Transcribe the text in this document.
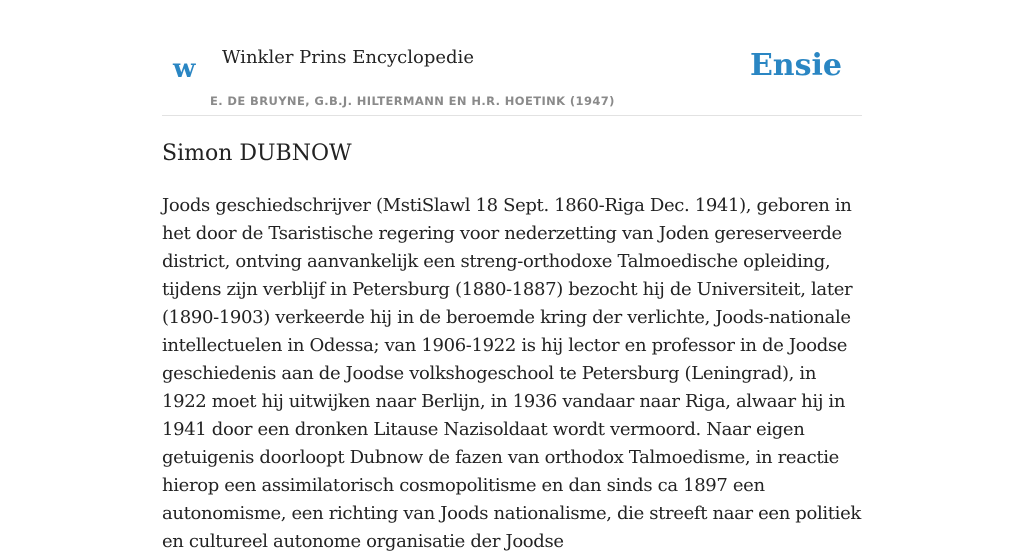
w Winkler Prins Encyclopedie
E. DE BRUYNE, G.B.J. HILTERMANN EN H.R. HOETINK (1947)
Ensie
Simon DUBNOW

Joods geschiedschrijver (MstiSlawl 18 Sept. 1860-Riga Dec. 1941), geboren in het door de Tsaristische regering voor nederzetting van Joden gereserveerde district, ontving aanvankelijk een streng-orthodoxe Talmoedische opleiding, tijdens zijn verblijf in Petersburg (1880-1887) bezocht hij de Universiteit, later (1890-1903) verkeerde hij in de beroemde kring der verlichte, Joods-nationale intellectuelen in Odessa; van 1906-1922 is hij lector en professor in de Joodse geschiedenis aan de Joodse volkshogeschool te Petersburg (Leningrad), in 1922 moet hij uitwijken naar Berlijn, in 1936 vandaar naar Riga, alwaar hij in 1941 door een dronken Litause Nazisoldaat wordt vermoord. Naar eigen getuigenis doorloopt Dubnow de fazen van orthodox Talmoedisme, in reactie hierop een assimilatorisch cosmopolitisme en dan sinds ca 1897 een autonomisme, een richting van Joods nationalisme, die streeft naar een politiek en cultureel autonome organisatie der Joodse
